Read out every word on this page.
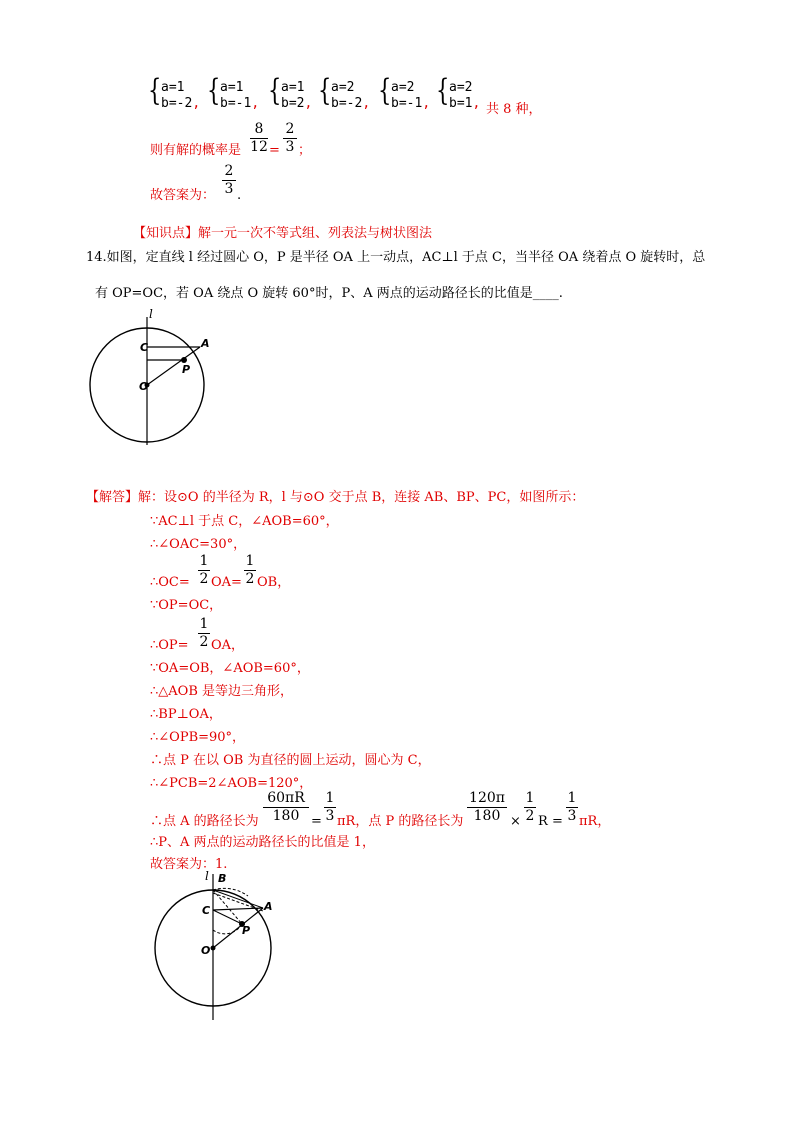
{ a=1
b=-2, { a=1
b=-1, { a=1
b=2, { a=2
b=-2, { a=2
b=-1, { a=2
b=1, 共 8 种，
则有解的概率是
8
12 =
2
3 ；
故答案为：
2
3 .
【知识点】解一元一次不等式组、列表法与树状图法
14.如图，定直线 l 经过圆心 O，P 是半径 OA 上一动点，AC⊥l 于点 C，当半径 OA 绕着点 O 旋转时，总
有 OP=OC，若 OA 绕点 O 旋转 60°时，P、A 两点的运动路径长的比值是____.
l
C	A
P
O
【解答】解：设⊙O 的半径为 R，l 与⊙O 交于点 B，连接 AB、BP、PC，如图所示：
∵AC⊥l 于点 C，∠AOB=60°，
∴∠OAC=30°，
∴OC=
1
2 OA=
1
2 OB，
∵OP=OC，
∴OP=
1
2 OA，
∵OA=OB，∠AOB=60°，
∴△AOB 是等边三角形，
∴BP⊥OA，
∴∠OPB=90°，
∴点 P 在以 OB 为直径的圆上运动，圆心为 C，
∴∠PCB=2∠AOB=120°，
∴点 A 的路径长为
60πR
180 =
1
3 πR，点 P 的路径长为
120π
180 ×
1
2 R =
1
3 πR，
∴P、A 两点的运动路径长的比值是 1，
故答案为：1.
l B
C	A
P
O
